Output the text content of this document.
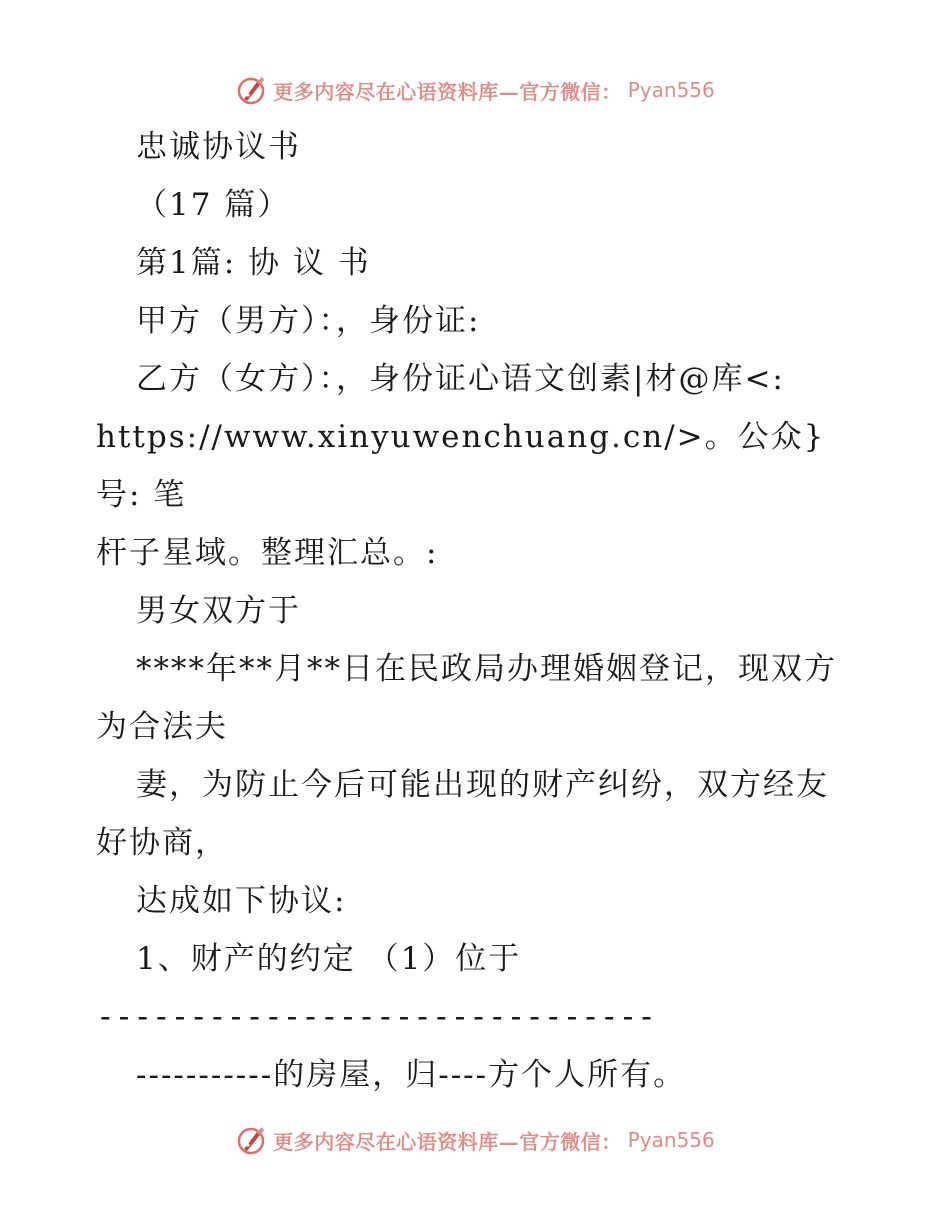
更多内容尽在心语资料库—官方微信： Pyan556

忠诚协议书

（17 篇）

第1篇: 协 议 书

甲方（男方）：，身份证:

乙方（女方）：，身份证心语文创素|材@库<:

https://www.xinyuwenchuang.cn/>。公众}号: 笔

杆子星域。整理汇总。:

男女双方于

****年**月**日在民政局办理婚姻登记，现双方

为合法夫

妻，为防止今后可能出现的财产纠纷，双方经友

好协商，

达成如下协议:

1、财产的约定 （1）位于

------------------------------

-----------的房屋，归----方个人所有。

更多内容尽在心语资料库—官方微信： Pyan556
